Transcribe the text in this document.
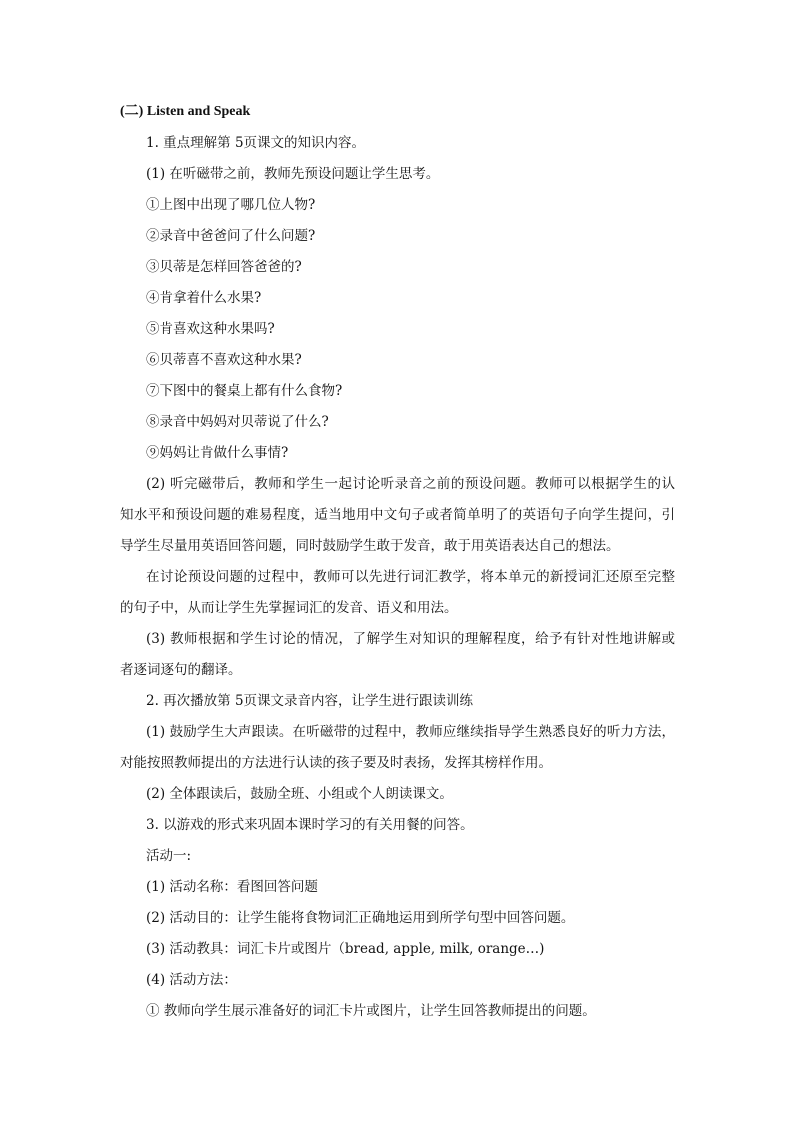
(二) Listen and Speak
1. 重点理解第 5页课文的知识内容。
(1) 在听磁带之前，教师先预设问题让学生思考。
①上图中出现了哪几位人物?
②录音中爸爸问了什么问题?
③贝蒂是怎样回答爸爸的?
④肯拿着什么水果?
⑤肯喜欢这种水果吗?
⑥贝蒂喜不喜欢这种水果?
⑦下图中的餐桌上都有什么食物?
⑧录音中妈妈对贝蒂说了什么?
⑨妈妈让肯做什么事情?
(2) 听完磁带后，教师和学生一起讨论听录音之前的预设问题。教师可以根据学生的认
知水平和预设问题的难易程度，适当地用中文句子或者简单明了的英语句子向学生提问，引
导学生尽量用英语回答问题，同时鼓励学生敢于发音，敢于用英语表达自己的想法。
在讨论预设问题的过程中，教师可以先进行词汇教学，将本单元的新授词汇还原至完整
的句子中，从而让学生先掌握词汇的发音、语义和用法。
(3) 教师根据和学生讨论的情况，了解学生对知识的理解程度，给予有针对性地讲解或
者逐词逐句的翻译。
2. 再次播放第 5页课文录音内容，让学生进行跟读训练
(1) 鼓励学生大声跟读。在听磁带的过程中，教师应继续指导学生熟悉良好的听力方法，
对能按照教师提出的方法进行认读的孩子要及时表扬，发挥其榜样作用。
(2) 全体跟读后，鼓励全班、小组或个人朗读课文。
3. 以游戏的形式来巩固本课时学习的有关用餐的问答。
活动一:
(1) 活动名称：看图回答问题
(2) 活动目的：让学生能将食物词汇正确地运用到所学句型中回答问题。
(3) 活动教具：词汇卡片或图片（bread, apple, milk, orange…)
(4) 活动方法：
① 教师向学生展示准备好的词汇卡片或图片，让学生回答教师提出的问题。
